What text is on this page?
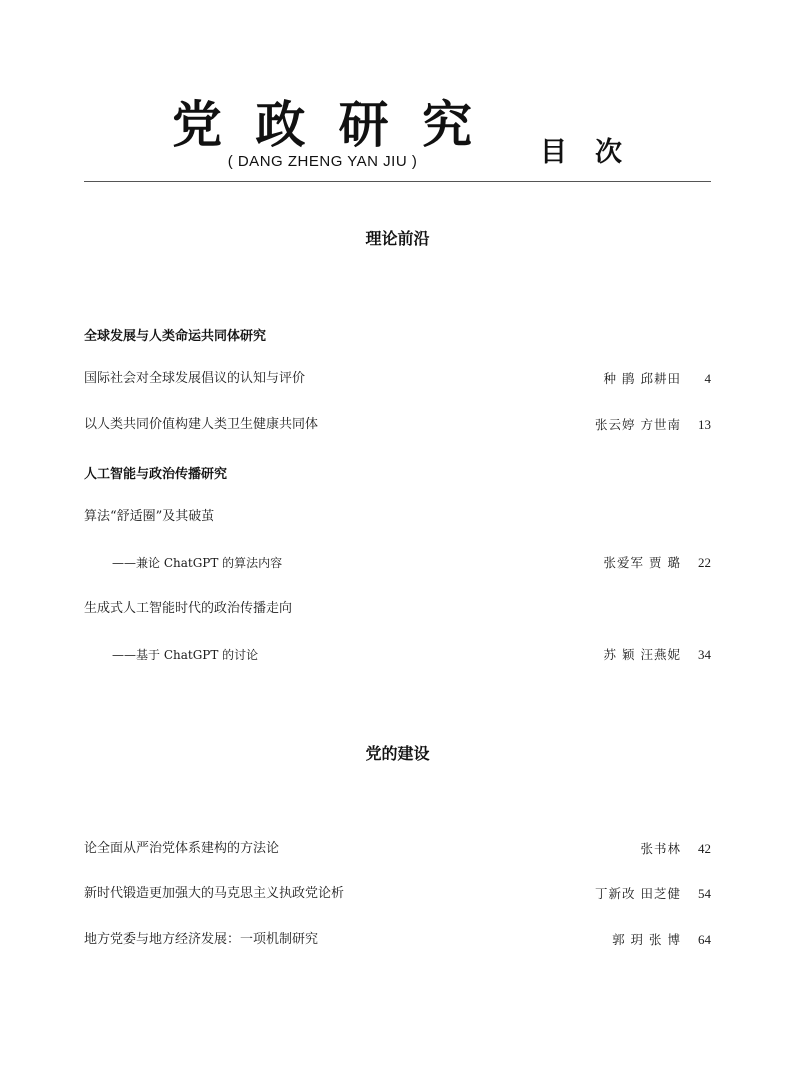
党 政 研 究
( DANG ZHENG YAN JIU )	目 次
理论前沿
全球发展与人类命运共同体研究
国际社会对全球发展倡议的认知与评价	种 鹃 邱耕田 4
以人类共同价值构建人类卫生健康共同体	张云婷 方世南 13
人工智能与政治传播研究
算法“舒适圈”及其破茧
——兼论 ChatGPT 的算法内容	张爱军 贾 璐 22
生成式人工智能时代的政治传播走向
——基于 ChatGPT 的讨论	苏 颖 汪燕妮 34
党的建设
论全面从严治党体系建构的方法论	张书林 42
新时代锻造更加强大的马克思主义执政党论析	丁新改 田芝健 54
地方党委与地方经济发展：一项机制研究	郭 玥 张 博 64
